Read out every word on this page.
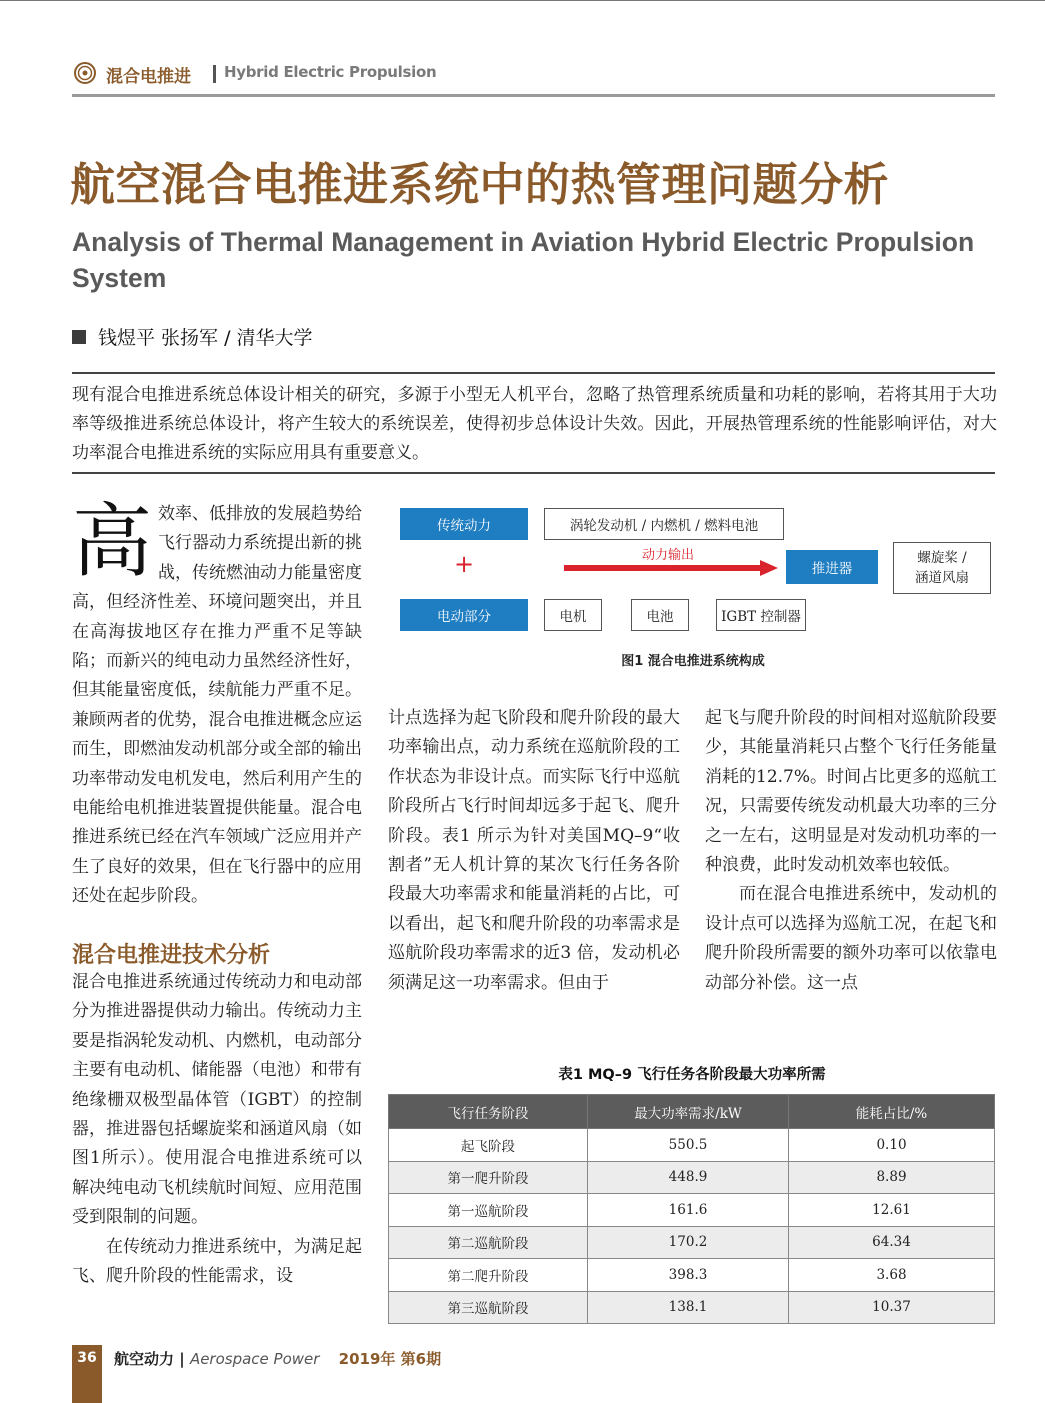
混合电推进 Hybrid Electric Propulsion
航空混合电推进系统中的热管理问题分析
Analysis of Thermal Management in Aviation Hybrid Electric Propulsion System
钱煜平 张扬军 / 清华大学
现有混合电推进系统总体设计相关的研究，多源于小型无人机平台，忽略了热管理系统质量和功耗的影响，若将其用于大功率等级推进系统总体设计，将产生较大的系统误差，使得初步总体设计失效。因此，开展热管理系统的性能影响评估，对大功率混合电推进系统的实际应用具有重要意义。
高 效率、低排放的发展趋势给飞行器动力系统提出新的挑战，传统燃油动力能量密度高，但经济性差、环境问题突出，并且在高海拔地区存在推力严重不足等缺陷；而新兴的纯电动力虽然经济性好，但其能量密度低，续航能力严重不足。兼顾两者的优势，混合电推进概念应运而生，即燃油发动机部分或全部的输出功率带动发电机发电，然后利用产生的电能给电机推进装置提供能量。混合电推进系统已经在汽车领域广泛应用并产生了良好的效果，但在飞行器中的应用还处在起步阶段。
混合电推进技术分析

混合电推进系统通过传统动力和电动部分为推进器提供动力输出。传统动力主要是指涡轮发动机、内燃机，电动部分主要有电动机、储能器（电池）和带有绝缘栅双极型晶体管（IGBT）的控制器，推进器包括螺旋桨和涵道风扇（如图1所示）。使用混合电推进系统可以解决纯电动飞机续航时间短、应用范围受到限制的问题。

在传统动力推进系统中，为满足起飞、爬升阶段的性能需求，设

计点选择为起飞阶段和爬升阶段的最大功率输出点，动力系统在巡航阶段的工作状态为非设计点。而实际飞行中巡航阶段所占飞行时间却远多于起飞、爬升阶段。表1 所示为针对美国MQ–9“收割者”无人机计算的某次飞行任务各阶段最大功率需求和能量消耗的占比，可以看出，起飞和爬升阶段的功率需求是巡航阶段功率需求的近3 倍，发动机必须满足这一功率需求。但由于

起飞与爬升阶段的时间相对巡航阶段要少，其能量消耗只占整个飞行任务能量消耗的12.7%。时间占比更多的巡航工况，只需要传统发动机最大功率的三分之一左右，这明显是对发动机功率的一种浪费，此时发动机效率也较低。

而在混合电推进系统中，发动机的设计点可以选择为巡航工况，在起飞和爬升阶段所需要的额外功率可以依靠电动部分补偿。这一点

传统动力	涡轮发动机 / 内燃机 / 燃料电池
+	动力输出
推进器
螺旋桨 /
涵道风扇
电动部分	电机	电池	IGBT 控制器
图1 混合电推进系统构成
表1 MQ–9 飞行任务各阶段最大功率所需
飞行任务阶段	最大功率需求/kW	能耗占比/%
起飞阶段	550.5	0.10
第一爬升阶段	448.9	8.89
第一巡航阶段	161.6	12.61
第二巡航阶段	170.2	64.34
第二爬升阶段	398.3	3.68
第三巡航阶段	138.1	10.37
36	航空动力 | Aerospace Power 2019年 第6期
